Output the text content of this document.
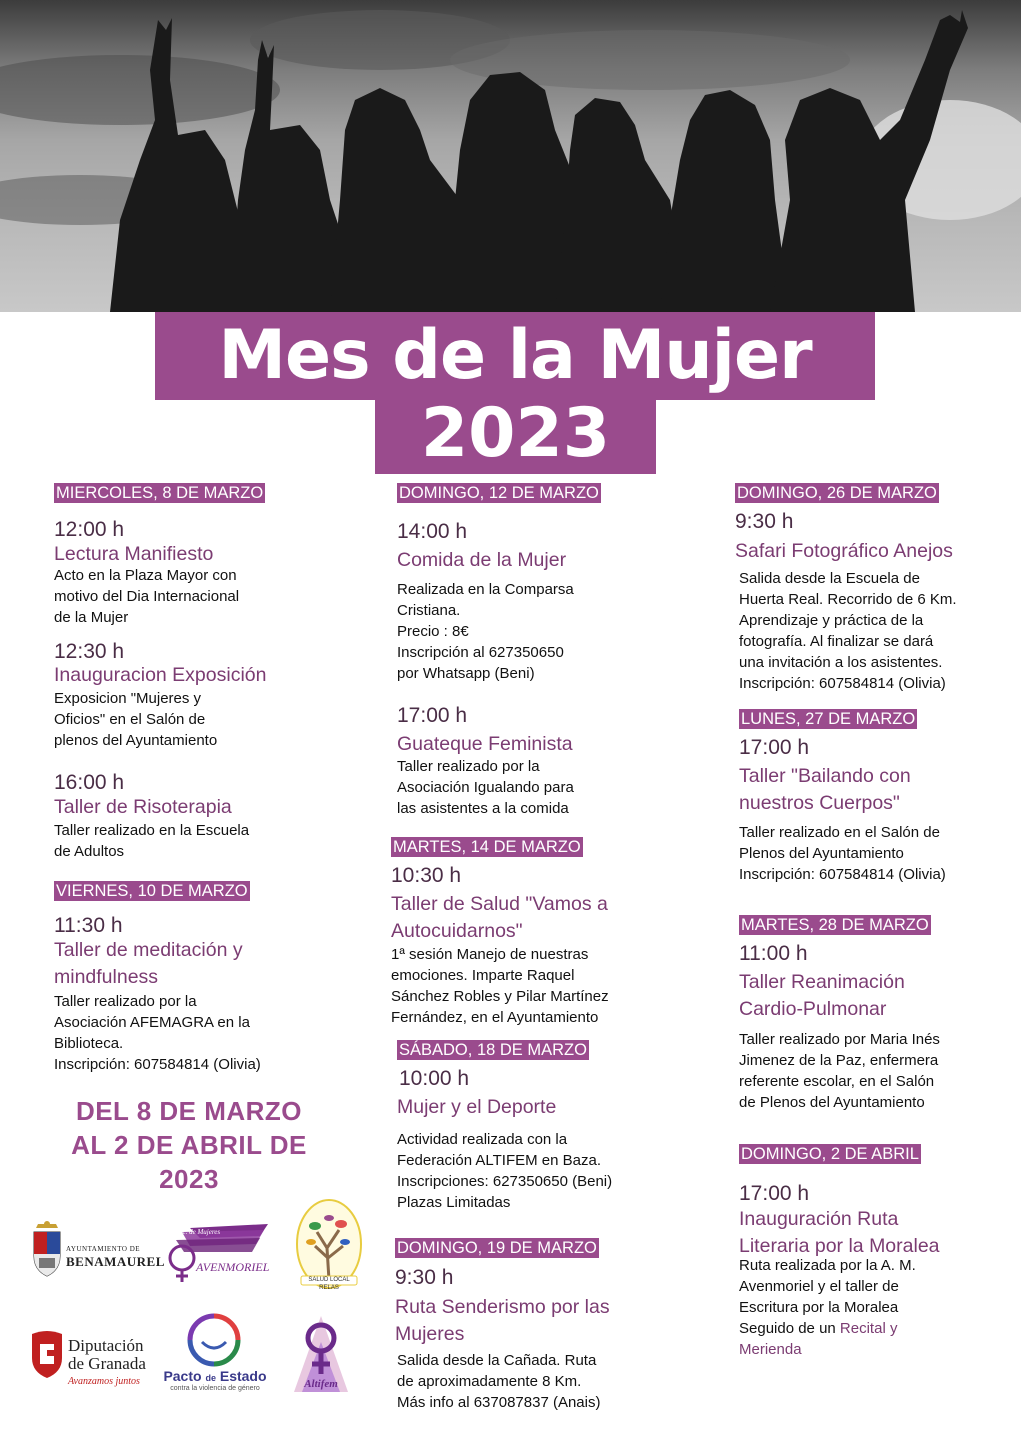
Mes de la Mujer
2023
MIERCOLES, 8 DE MARZO
12:00 h
Lectura Manifiesto
Acto en la Plaza Mayor con
motivo del Dia Internacional
de la Mujer
12:30 h
Inauguracion Exposición
Exposicion "Mujeres y
Oficios" en el Salón de
plenos del Ayuntamiento
16:00 h
Taller de Risoterapia
Taller realizado en la Escuela
de Adultos
VIERNES, 10 DE MARZO
11:30 h
Taller de meditación y
mindfulness
Taller realizado por la
Asociación AFEMAGRA en la
Biblioteca.
Inscripción: 607584814 (Olivia)
DEL 8 DE MARZO
AL 2 DE ABRIL DE
2023
DOMINGO, 12 DE MARZO
14:00 h
Comida de la Mujer
Realizada en la Comparsa
Cristiana.
Precio : 8€
Inscripción al 627350650
por Whatsapp (Beni)
17:00 h
Guateque Feminista
Taller realizado por la
Asociación Igualando para
las asistentes a la comida
MARTES, 14 DE MARZO
10:30 h
Taller de Salud "Vamos a
Autocuidarnos"
1ª sesión Manejo de nuestras
emociones. Imparte Raquel
Sánchez Robles y Pilar Martínez
Fernández, en el Ayuntamiento
SÁBADO, 18 DE MARZO
10:00 h
Mujer y el Deporte
Actividad realizada con la
Federación ALTIFEM en Baza.
Inscripciones: 627350650 (Beni)
Plazas Limitadas
DOMINGO, 19 DE MARZO
9:30 h
Ruta Senderismo por las
Mujeres
Salida desde la Cañada. Ruta
de aproximadamente 8 Km.
Más info al 637087837 (Anais)
DOMINGO, 26 DE MARZO
9:30 h
Safari Fotográfico Anejos
Salida desde la Escuela de
Huerta Real. Recorrido de 6 Km.
Aprendizaje y práctica de la
fotografía. Al finalizar se dará
una invitación a los asistentes.
Inscripción: 607584814 (Olivia)
LUNES, 27 DE MARZO
17:00 h
Taller "Bailando con
nuestros Cuerpos"
Taller realizado en el Salón de
Plenos del Ayuntamiento
Inscripción: 607584814 (Olivia)
MARTES, 28 DE MARZO
11:00 h
Taller Reanimación
Cardio-Pulmonar
Taller realizado por Maria Inés
Jimenez de la Paz, enfermera
referente escolar, en el Salón
de Plenos del Ayuntamiento
DOMINGO, 2 DE ABRIL
17:00 h
Inauguración Ruta
Literaria por la Moralea
Ruta realizada por la A. M.
Avenmoriel y el taller de
Escritura por la Moralea
Seguido de un Recital y
Merienda
AYUNTAMIENTO DE
BENAMAUREL
Asoc. de Mujeres
AVENMORIEL
SALUD LOCAL
RELAS
Diputación
de Granada
Avanzamos juntos Pacto de Estado
contra la violencia de género	Altifem
